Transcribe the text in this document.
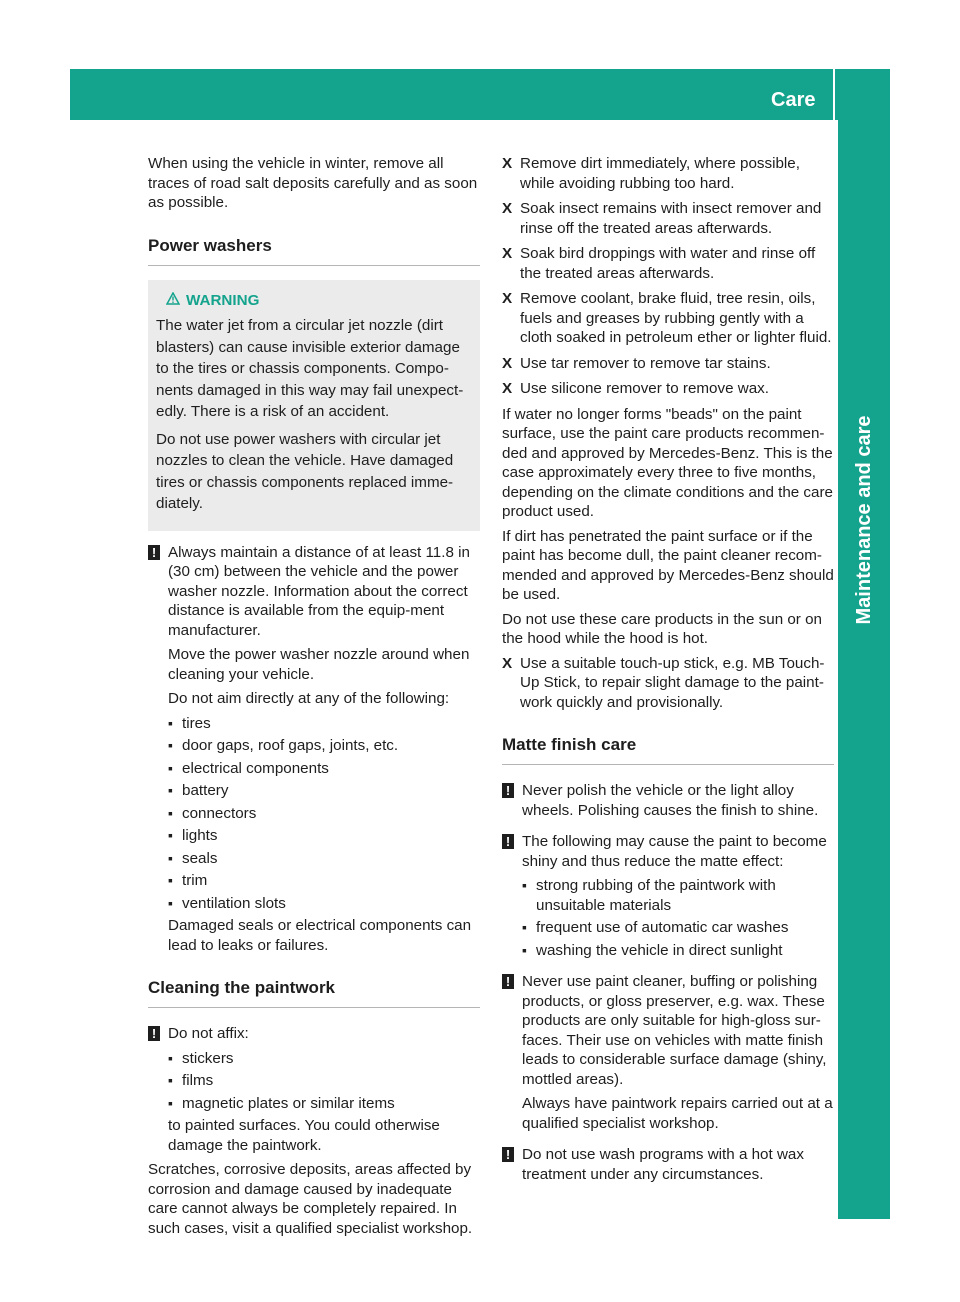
Care
Maintenance and care

When using the vehicle in winter, remove all traces of road salt deposits carefully and as soon as possible.

Power washers
WARNING

The water jet from a circular jet nozzle (dirt blasters) can cause invisible exterior damage to the tires or chassis components. Compo-nents damaged in this way may fail unexpect-edly. There is a risk of an accident.

Do not use power washers with circular jet nozzles to clean the vehicle. Have damaged tires or chassis components replaced imme-diately.

! Always maintain a distance of at least 11.8 in (30 cm) between the vehicle and the power washer nozzle. Information about the correct distance is available from the equip-ment manufacturer.

Move the power washer nozzle around when cleaning your vehicle.

Do not aim directly at any of the following:

▪ tires
▪ door gaps, roof gaps, joints, etc.
▪ electrical components
▪ battery
▪ connectors
▪ lights
▪ seals
▪ trim
▪ ventilation slots

Damaged seals or electrical components can lead to leaks or failures.

Cleaning the paintwork
! Do not affix:

▪ stickers
▪ films
▪ magnetic plates or similar items

to painted surfaces. You could otherwise damage the paintwork.

Scratches, corrosive deposits, areas affected by corrosion and damage caused by inadequate care cannot always be completely repaired. In such cases, visit a qualified specialist workshop.

X Remove dirt immediately, where possible, while avoiding rubbing too hard.
X Soak insect remains with insect remover and rinse off the treated areas afterwards.
X Soak bird droppings with water and rinse off the treated areas afterwards.
X Remove coolant, brake fluid, tree resin, oils, fuels and greases by rubbing gently with a cloth soaked in petroleum ether or lighter fluid.
X Use tar remover to remove tar stains.
X Use silicone remover to remove wax.

If water no longer forms "beads" on the paint surface, use the paint care products recommen-ded and approved by Mercedes-Benz. This is the case approximately every three to five months, depending on the climate conditions and the care product used.

If dirt has penetrated the paint surface or if the paint has become dull, the paint cleaner recom-mended and approved by Mercedes-Benz should be used.

Do not use these care products in the sun or on the hood while the hood is hot.

X Use a suitable touch-up stick, e.g. MB Touch-Up Stick, to repair slight damage to the paint-work quickly and provisionally.
Matte finish care
! Never polish the vehicle or the light alloy wheels. Polishing causes the finish to shine.

! The following may cause the paint to become shiny and thus reduce the matte effect:

▪ strong rubbing of the paintwork with unsuitable materials
▪ frequent use of automatic car washes
▪ washing the vehicle in direct sunlight
! Never use paint cleaner, buffing or polishing products, or gloss preserver, e.g. wax. These products are only suitable for high-gloss sur-faces. Their use on vehicles with matte finish leads to considerable surface damage (shiny, mottled areas).

Always have paintwork repairs carried out at a qualified specialist workshop.

! Do not use wash programs with a hot wax treatment under any circumstances.
